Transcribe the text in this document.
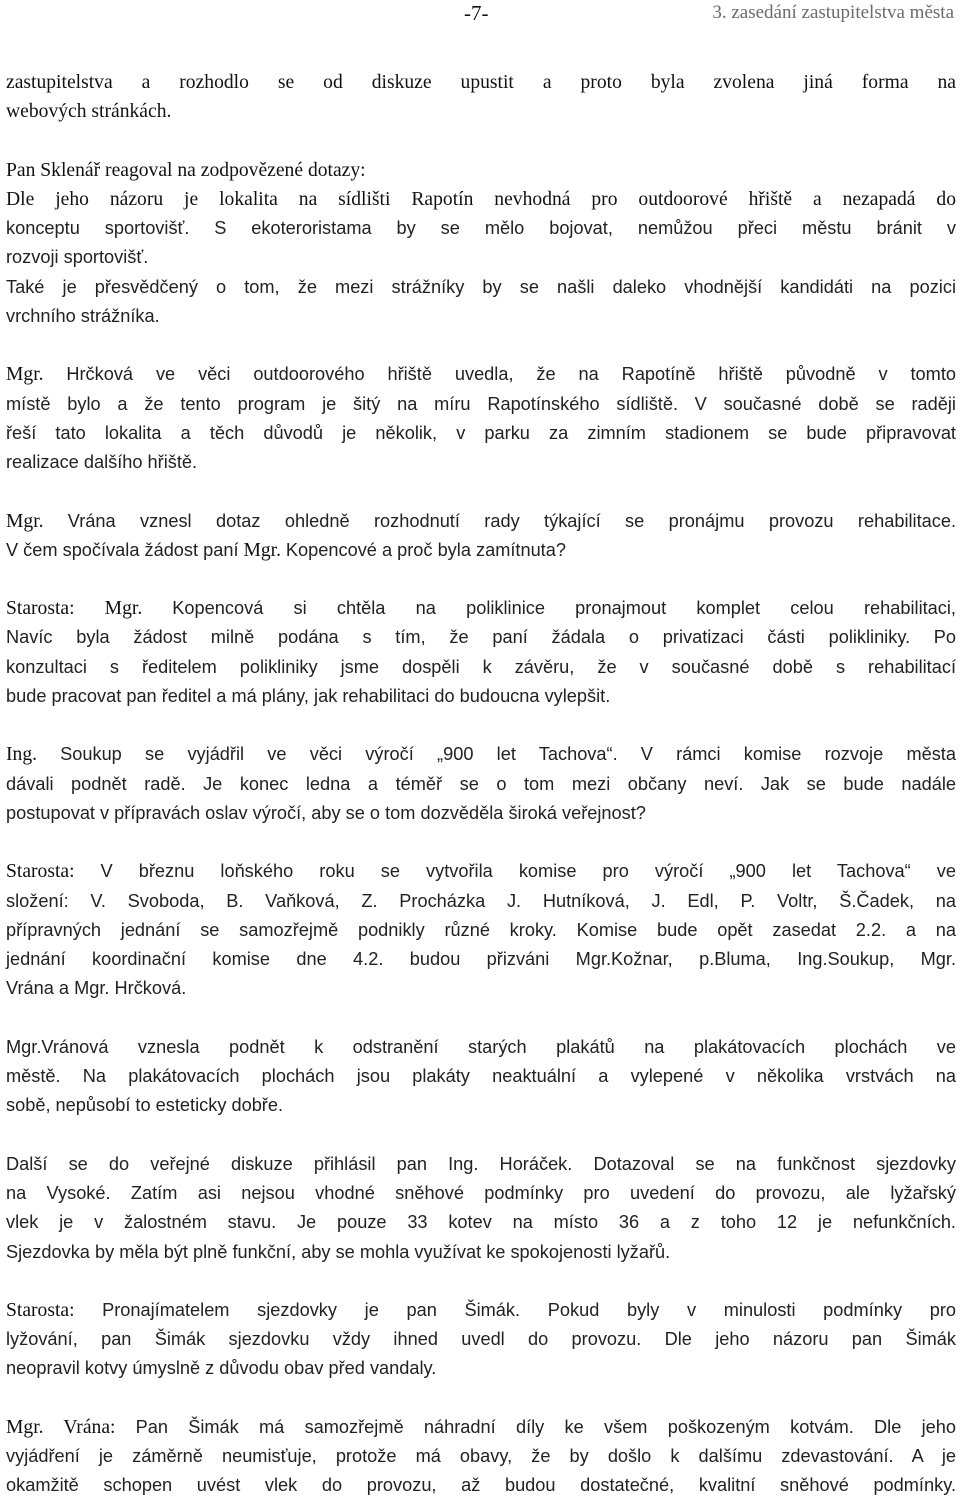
-7-	3. zasedání zastupitelstva města

zastupitelstva a rozhodlo se od diskuze upustit a proto byla zvolena jiná forma na
webových stránkách.

Pan Sklenář reagoval na zodpovězené dotazy:
Dle jeho názoru je lokalita na sídlišti Rapotín nevhodná pro outdoorové hřiště a nezapadá do
konceptu sportovišť. S ekoteroristama by se mělo bojovat, nemůžou přeci městu bránit v
rozvoji sportovišť.
Také je přesvědčený o tom, že mezi strážníky by se našli daleko vhodnější kandidáti na pozici
vrchního strážníka.

Mgr. Hrčková ve věci outdoorového hřiště uvedla, že na Rapotíně hřiště původně v tomto
místě bylo a že tento program je šitý na míru Rapotínského sídliště. V současné době se raději
řeší tato lokalita a těch důvodů je několik, v parku za zimním stadionem se bude připravovat
realizace dalšího hřiště.

Mgr. Vrána vznesl dotaz ohledně rozhodnutí rady týkající se pronájmu provozu rehabilitace.
V čem spočívala žádost paní Mgr. Kopencové a proč byla zamítnuta?

Starosta: Mgr. Kopencová si chtěla na poliklinice pronajmout komplet celou rehabilitaci,
Navíc byla žádost milně podána s tím, že paní žádala o privatizaci části polikliniky. Po
konzultaci s ředitelem polikliniky jsme dospěli k závěru, že v současné době s rehabilitací
bude pracovat pan ředitel a má plány, jak rehabilitaci do budoucna vylepšit.

Ing. Soukup se vyjádřil ve věci výročí „900 let Tachova“. V rámci komise rozvoje města
dávali podnět radě. Je konec ledna a téměř se o tom mezi občany neví. Jak se bude nadále
postupovat v přípravách oslav výročí, aby se o tom dozvěděla široká veřejnost?

Starosta: V březnu loňského roku se vytvořila komise pro výročí „900 let Tachova“ ve
složení: V. Svoboda, B. Vaňková, Z. Procházka J. Hutníková, J. Edl, P. Voltr, Š.Čadek, na
přípravných jednání se samozřejmě podnikly různé kroky. Komise bude opět zasedat 2.2. a na
jednání koordinační komise dne 4.2. budou přizváni Mgr.Kožnar, p.Bluma, Ing.Soukup, Mgr.
Vrána a Mgr. Hrčková.

Mgr.Vránová vznesla podnět k odstranění starých plakátů na plakátovacích plochách ve
městě. Na plakátovacích plochách jsou plakáty neaktuální a vylepené v několika vrstvách na
sobě, nepůsobí to esteticky dobře.

Další se do veřejné diskuze přihlásil pan Ing. Horáček. Dotazoval se na funkčnost sjezdovky
na Vysoké. Zatím asi nejsou vhodné sněhové podmínky pro uvedení do provozu, ale lyžařský
vlek je v žalostném stavu. Je pouze 33 kotev na místo 36 a z toho 12 je nefunkčních.
Sjezdovka by měla být plně funkční, aby se mohla využívat ke spokojenosti lyžařů.

Starosta: Pronajímatelem sjezdovky je pan Šimák. Pokud byly v minulosti podmínky pro
lyžování, pan Šimák sjezdovku vždy ihned uvedl do provozu. Dle jeho názoru pan Šimák
neopravil kotvy úmyslně z důvodu obav před vandaly.

Mgr. Vrána: Pan Šimák má samozřejmě náhradní díly ke všem poškozeným kotvám. Dle jeho
vyjádření je záměrně neumisťuje, protože má obavy, že by došlo k dalšímu zdevastování. A je
okamžitě schopen uvést vlek do provozu, až budou dostatečné, kvalitní sněhové podmínky.
